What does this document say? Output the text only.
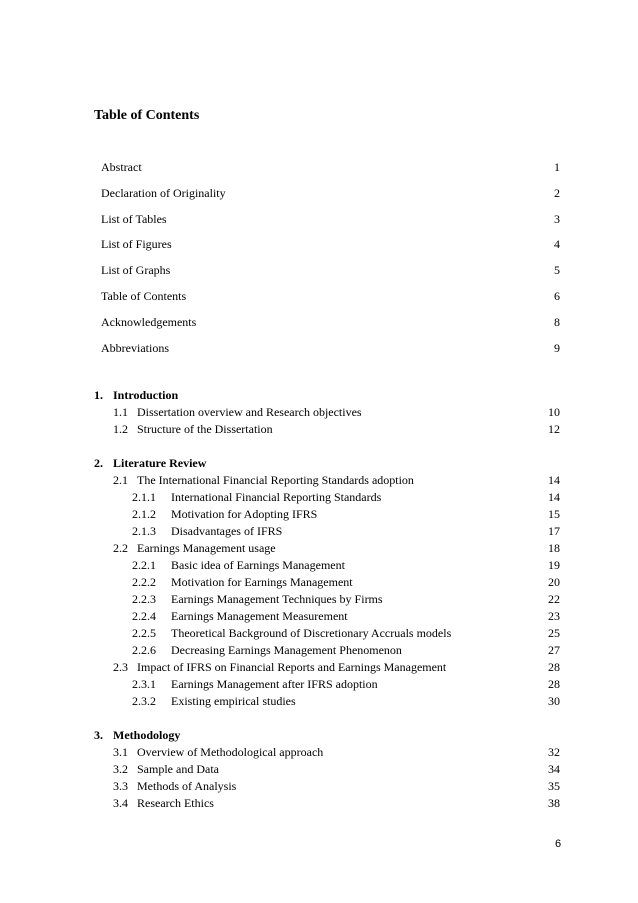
Table of Contents
Abstract	1
Declaration of Originality	2
List of Tables	3
List of Figures	4
List of Graphs	5
Table of Contents	6
Acknowledgements	8
Abbreviations	9
1. Introduction
1.1 Dissertation overview and Research objectives	10
1.2 Structure of the Dissertation	12
2. Literature Review
2.1 The International Financial Reporting Standards adoption	14
2.1.1	International Financial Reporting Standards	14
2.1.2	Motivation for Adopting IFRS	15
2.1.3	Disadvantages of IFRS	17
2.2 Earnings Management usage	18
2.2.1	Basic idea of Earnings Management	19
2.2.2	Motivation for Earnings Management	20
2.2.3	Earnings Management Techniques by Firms	22
2.2.4	Earnings Management Measurement	23
2.2.5	Theoretical Background of Discretionary Accruals models	25
2.2.6	Decreasing Earnings Management Phenomenon	27
2.3 Impact of IFRS on Financial Reports and Earnings Management	28
2.3.1	Earnings Management after IFRS adoption	28
2.3.2	Existing empirical studies	30
3. Methodology
3.1 Overview of Methodological approach	32
3.2 Sample and Data	34
3.3 Methods of Analysis	35
3.4 Research Ethics	38
6
